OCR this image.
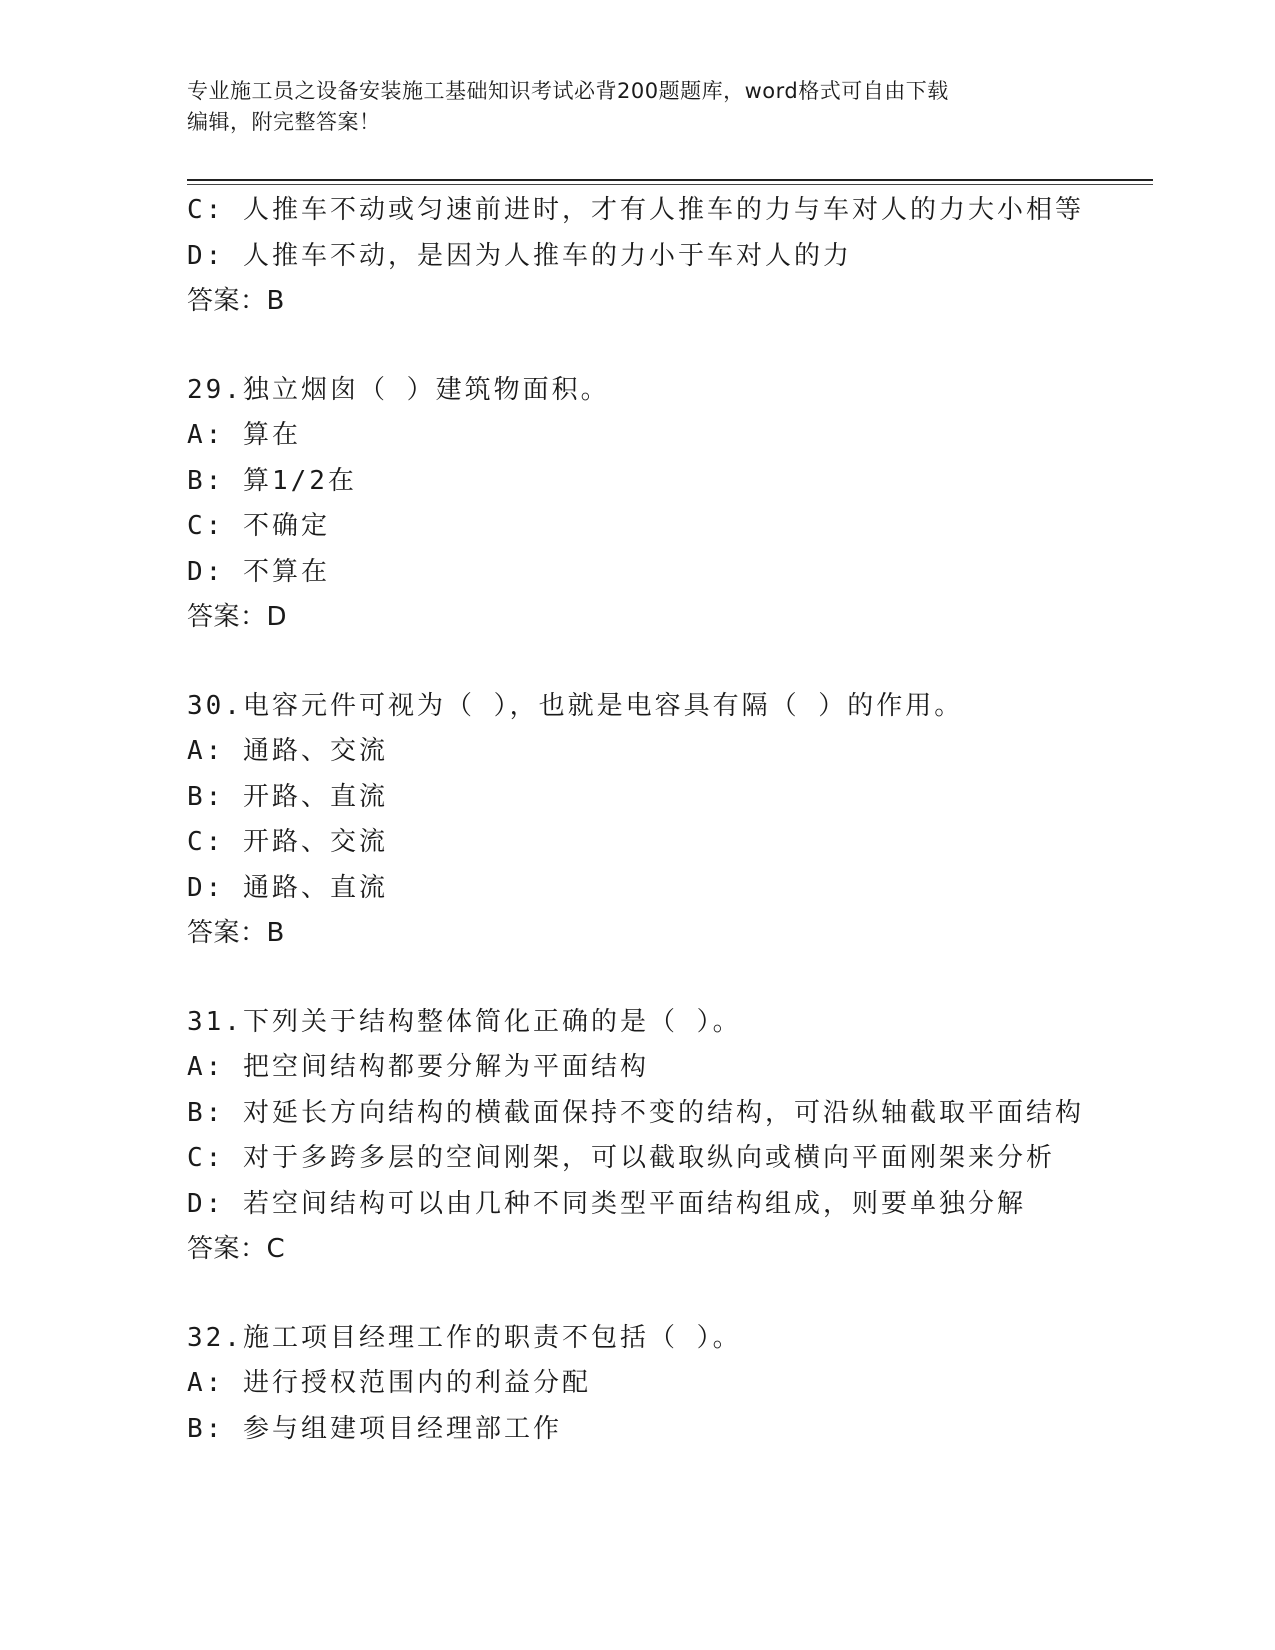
专业施工员之设备安装施工基础知识考试必背200题题库，word格式可自由下载
编辑，附完整答案！
C: 人推车不动或匀速前进时，才有人推车的力与车对人的力大小相等
D: 人推车不动，是因为人推车的力小于车对人的力
答案：B
29.独立烟囱（ ）建筑物面积。
A: 算在
B: 算1/2在
C: 不确定
D: 不算在
答案：D
30.电容元件可视为（ ），也就是电容具有隔（ ）的作用。
A: 通路、交流
B: 开路、直流
C: 开路、交流
D: 通路、直流
答案：B
31.下列关于结构整体简化正确的是（ ）。
A: 把空间结构都要分解为平面结构
B: 对延长方向结构的横截面保持不变的结构，可沿纵轴截取平面结构
C: 对于多跨多层的空间刚架，可以截取纵向或横向平面刚架来分析
D: 若空间结构可以由几种不同类型平面结构组成，则要单独分解
答案：C
32.施工项目经理工作的职责不包括（ ）。
A: 进行授权范围内的利益分配
B: 参与组建项目经理部工作
